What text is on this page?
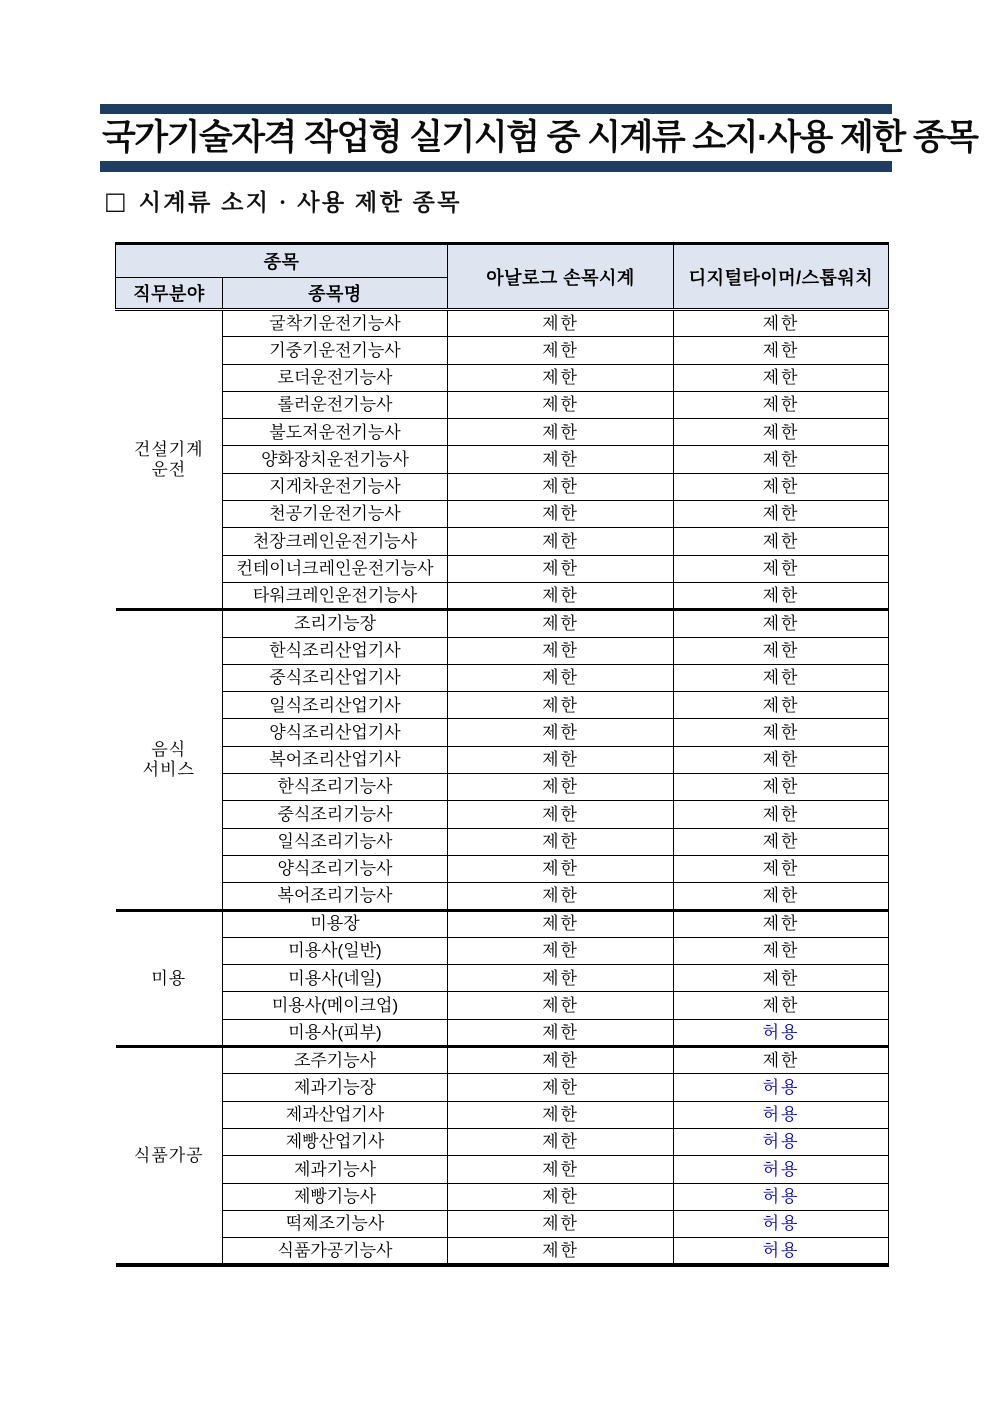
국가기술자격 작업형 실기시험 중 시계류 소지·사용 제한 종목
□ 시계류 소지 · 사용 제한 종목
종목		아날로그 손목시계	디지털타이머/스톱워치
직무분야	종목명		
건설기계
운전	굴착기운전기능사	제한	제한
	기중기운전기능사	제한	제한
	로더운전기능사	제한	제한
	롤러운전기능사	제한	제한
	불도저운전기능사	제한	제한
	양화장치운전기능사	제한	제한
	지게차운전기능사	제한	제한
	천공기운전기능사	제한	제한
	천장크레인운전기능사	제한	제한
	컨테이너크레인운전기능사	제한	제한
	타워크레인운전기능사	제한	제한
음식
서비스	조리기능장	제한	제한
	한식조리산업기사	제한	제한
	중식조리산업기사	제한	제한
	일식조리산업기사	제한	제한
	양식조리산업기사	제한	제한
	복어조리산업기사	제한	제한
	한식조리기능사	제한	제한
	중식조리기능사	제한	제한
	일식조리기능사	제한	제한
	양식조리기능사	제한	제한
	복어조리기능사	제한	제한
미용	미용장	제한	제한
	미용사(일반)	제한	제한
	미용사(네일)	제한	제한
	미용사(메이크업)	제한	제한
	미용사(피부)	제한	허용
식품가공	조주기능사	제한	제한
	제과기능장	제한	허용
	제과산업기사	제한	허용
	제빵산업기사	제한	허용
	제과기능사	제한	허용
	제빵기능사	제한	허용
	떡제조기능사	제한	허용
	식품가공기능사	제한	허용
